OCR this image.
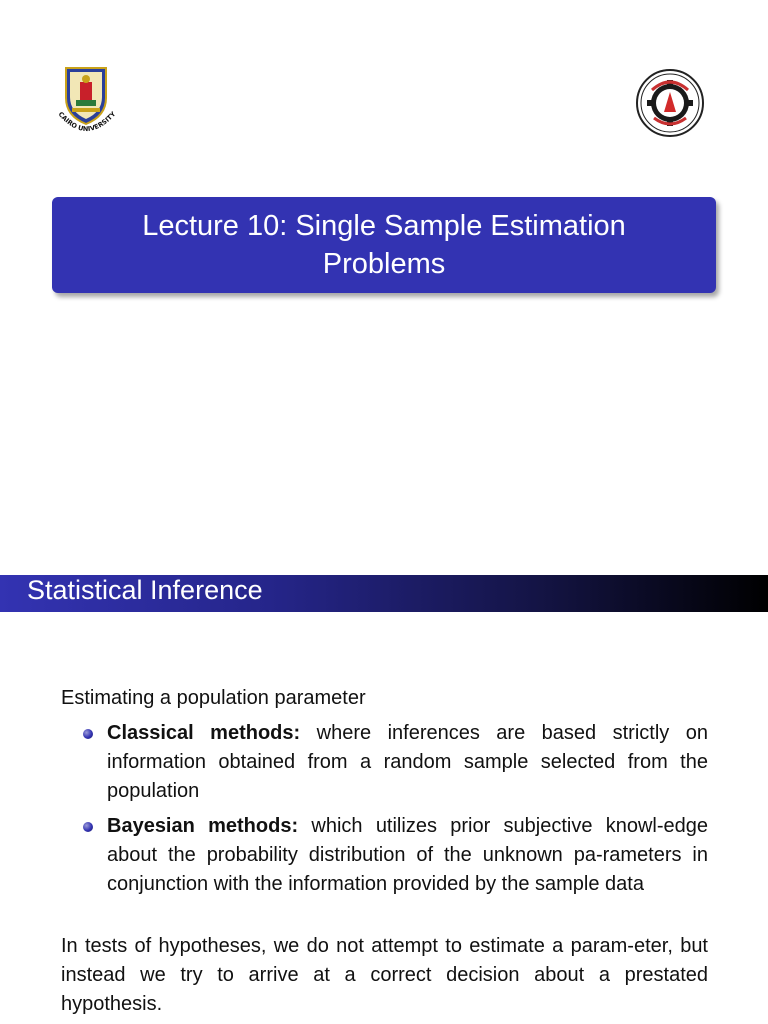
CAIRO UNIVERSITY
Lecture 10: Single Sample Estimation
Problems
Statistical Inference
Estimating a population parameter
Classical methods: where inferences are based strictly on information obtained from a random sample selected from the population
Bayesian methods: which utilizes prior subjective knowl-edge about the probability distribution of the unknown pa-rameters in conjunction with the information provided by the sample data
In tests of hypotheses, we do not attempt to estimate a param-eter, but instead we try to arrive at a correct decision about a prestated hypothesis.
